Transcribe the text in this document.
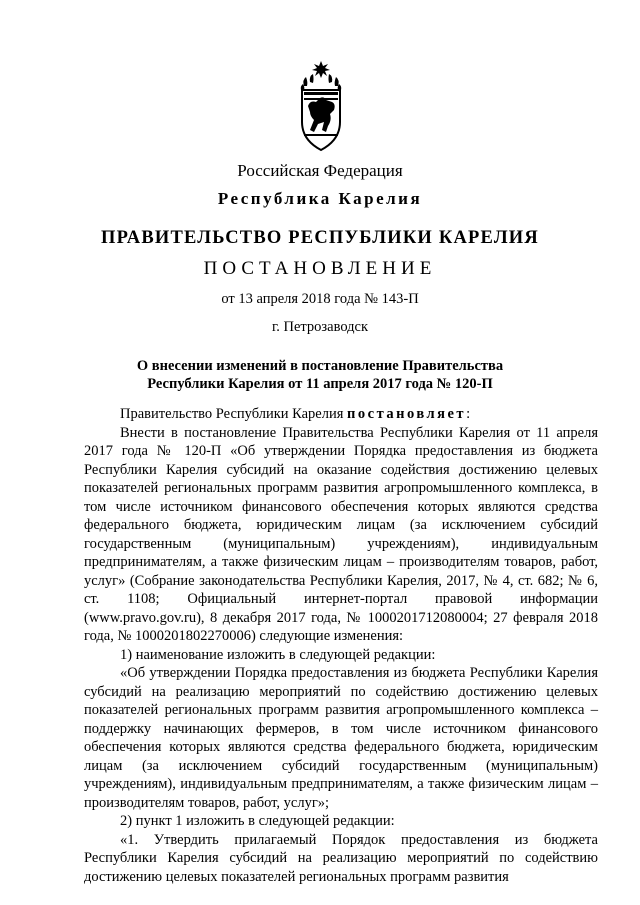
Российская Федерация
Республика Карелия
ПРАВИТЕЛЬСТВО РЕСПУБЛИКИ КАРЕЛИЯ
ПОСТАНОВЛЕНИЕ
от 13 апреля 2018 года № 143-П
г. Петрозаводск
О внесении изменений в постановление Правительства
Республики Карелия от 11 апреля 2017 года № 120-П

Правительство Республики Карелия постановляет:

Внести в постановление Правительства Республики Карелия от 11 апреля 2017 года № 120-П «Об утверждении Порядка предоставления из бюджета Республики Карелия субсидий на оказание содействия достижению целевых показателей региональных программ развития агропромышленного комплекса, в том числе источником финансового обеспечения которых являются средства федерального бюджета, юридическим лицам (за исключением субсидий государственным (муниципальным) учреждениям), индивидуальным предпринимателям, а также физическим лицам – производителям товаров, работ, услуг» (Собрание законодательства Республики Карелия, 2017, № 4, ст. 682; № 6, ст. 1108; Официальный интернет-портал правовой информации (www.pravo.gov.ru), 8 декабря 2017 года, № 1000201712080004; 27 февраля 2018 года, № 1000201802270006) следующие изменения:

1) наименование изложить в следующей редакции:

«Об утверждении Порядка предоставления из бюджета Республики Карелия субсидий на реализацию мероприятий по содействию достижению целевых показателей региональных программ развития агропромышленного комплекса – поддержку начинающих фермеров, в том числе источником финансового обеспечения которых являются средства федерального бюджета, юридическим лицам (за исключением субсидий государственным (муниципальным) учреждениям), индивидуальным предпринимателям, а также физическим лицам – производителям товаров, работ, услуг»;

2) пункт 1 изложить в следующей редакции:

«1. Утвердить прилагаемый Порядок предоставления из бюджета Республики Карелия субсидий на реализацию мероприятий по содействию достижению целевых показателей региональных программ развития
